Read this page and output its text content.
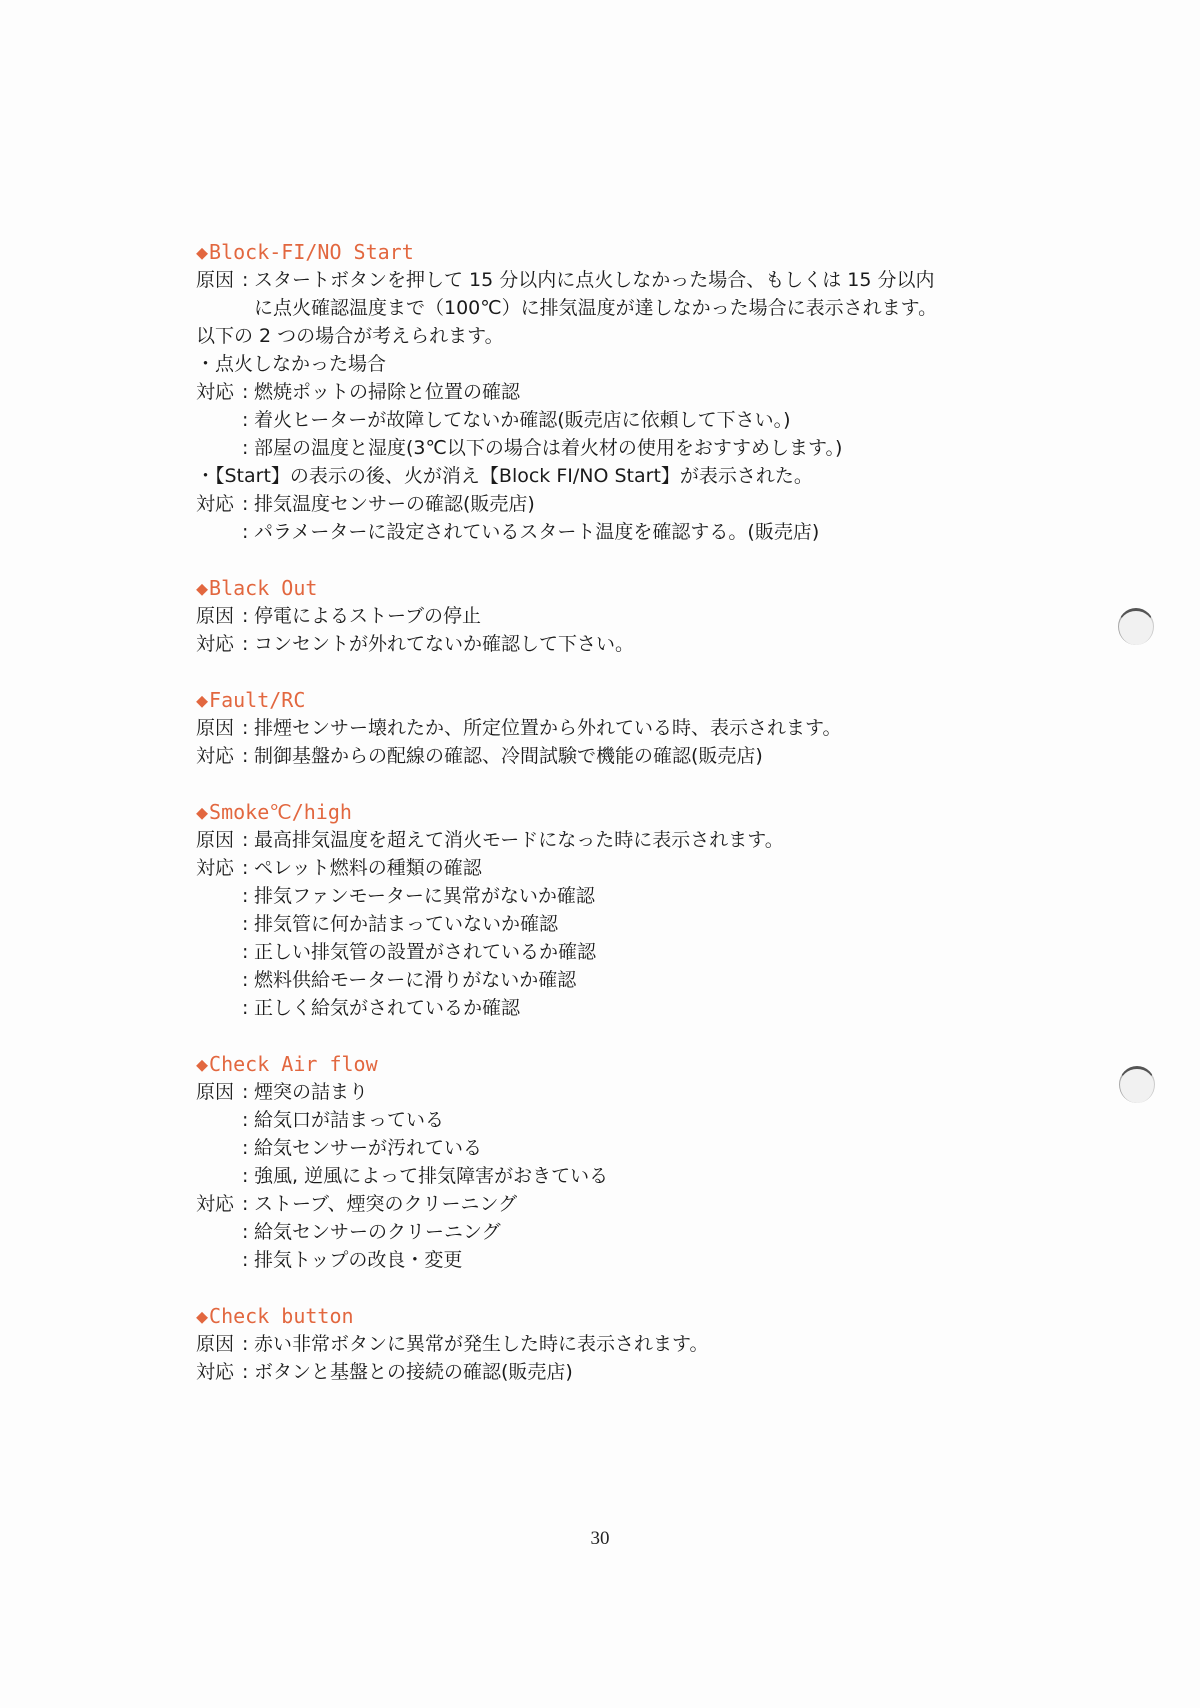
◆Block-FI/NO Start
原因 : スタートボタンを押して 15 分以内に点火しなかった場合、もしくは 15 分以内
に点火確認温度まで（100℃）に排気温度が達しなかった場合に表示されます。
以下の 2 つの場合が考えられます。
・点火しなかった場合
対応 : 燃焼ポットの掃除と位置の確認
: 着火ヒーターが故障してないか確認(販売店に依頼して下さい。)
: 部屋の温度と湿度(3℃以下の場合は着火材の使用をおすすめします。)
・【Start】の表示の後、火が消え【Block FI/NO Start】が表示された。
対応 : 排気温度センサーの確認(販売店)
: パラメーターに設定されているスタート温度を確認する。(販売店)
◆Black Out
原因 : 停電によるストーブの停止
対応 : コンセントが外れてないか確認して下さい。
◆Fault/RC
原因 : 排煙センサー壊れたか、所定位置から外れている時、表示されます。
対応 : 制御基盤からの配線の確認、冷間試験で機能の確認(販売店)
◆Smoke℃/high
原因 : 最高排気温度を超えて消火モードになった時に表示されます。
対応 : ペレット燃料の種類の確認
: 排気ファンモーターに異常がないか確認
: 排気管に何か詰まっていないか確認
: 正しい排気管の設置がされているか確認
: 燃料供給モーターに滑りがないか確認
: 正しく給気がされているか確認
◆Check Air flow
原因 : 煙突の詰まり
: 給気口が詰まっている
: 給気センサーが汚れている
: 強風, 逆風によって排気障害がおきている
対応 : ストーブ、煙突のクリーニング
: 給気センサーのクリーニング
: 排気トップの改良・変更
◆Check button
原因 : 赤い非常ボタンに異常が発生した時に表示されます。
対応 : ボタンと基盤との接続の確認(販売店)
30
